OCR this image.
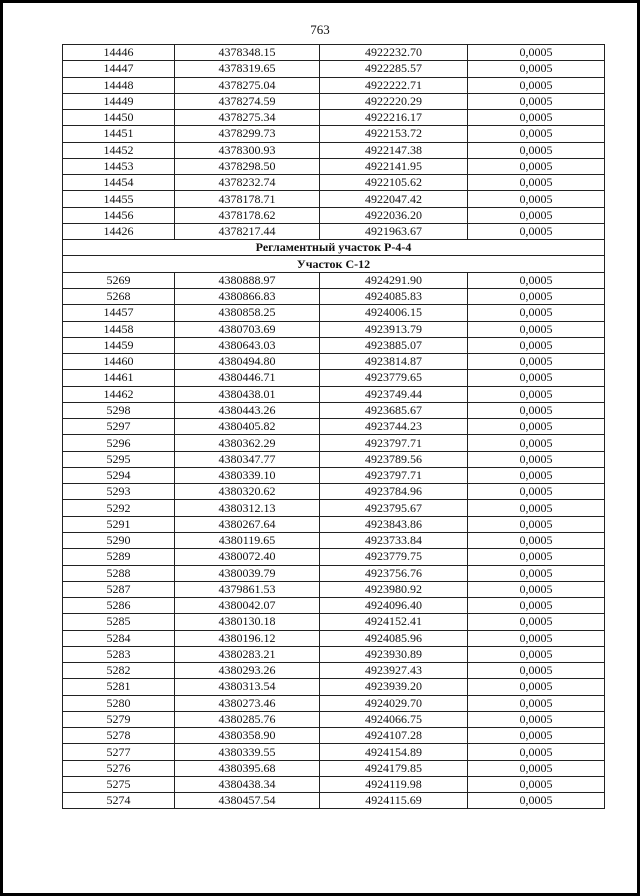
763
14446	4378348.15	4922232.70	0,0005
14447	4378319.65	4922285.57	0,0005
14448	4378275.04	4922222.71	0,0005
14449	4378274.59	4922220.29	0,0005
14450	4378275.34	4922216.17	0,0005
14451	4378299.73	4922153.72	0,0005
14452	4378300.93	4922147.38	0,0005
14453	4378298.50	4922141.95	0,0005
14454	4378232.74	4922105.62	0,0005
14455	4378178.71	4922047.42	0,0005
14456	4378178.62	4922036.20	0,0005
14426	4378217.44	4921963.67	0,0005
Регламентный участок Р-4-4			
Участок С-12			
5269	4380888.97	4924291.90	0,0005
5268	4380866.83	4924085.83	0,0005
14457	4380858.25	4924006.15	0,0005
14458	4380703.69	4923913.79	0,0005
14459	4380643.03	4923885.07	0,0005
14460	4380494.80	4923814.87	0,0005
14461	4380446.71	4923779.65	0,0005
14462	4380438.01	4923749.44	0,0005
5298	4380443.26	4923685.67	0,0005
5297	4380405.82	4923744.23	0,0005
5296	4380362.29	4923797.71	0,0005
5295	4380347.77	4923789.56	0,0005
5294	4380339.10	4923797.71	0,0005
5293	4380320.62	4923784.96	0,0005
5292	4380312.13	4923795.67	0,0005
5291	4380267.64	4923843.86	0,0005
5290	4380119.65	4923733.84	0,0005
5289	4380072.40	4923779.75	0,0005
5288	4380039.79	4923756.76	0,0005
5287	4379861.53	4923980.92	0,0005
5286	4380042.07	4924096.40	0,0005
5285	4380130.18	4924152.41	0,0005
5284	4380196.12	4924085.96	0,0005
5283	4380283.21	4923930.89	0,0005
5282	4380293.26	4923927.43	0,0005
5281	4380313.54	4923939.20	0,0005
5280	4380273.46	4924029.70	0,0005
5279	4380285.76	4924066.75	0,0005
5278	4380358.90	4924107.28	0,0005
5277	4380339.55	4924154.89	0,0005
5276	4380395.68	4924179.85	0,0005
5275	4380438.34	4924119.98	0,0005
5274	4380457.54	4924115.69	0,0005
